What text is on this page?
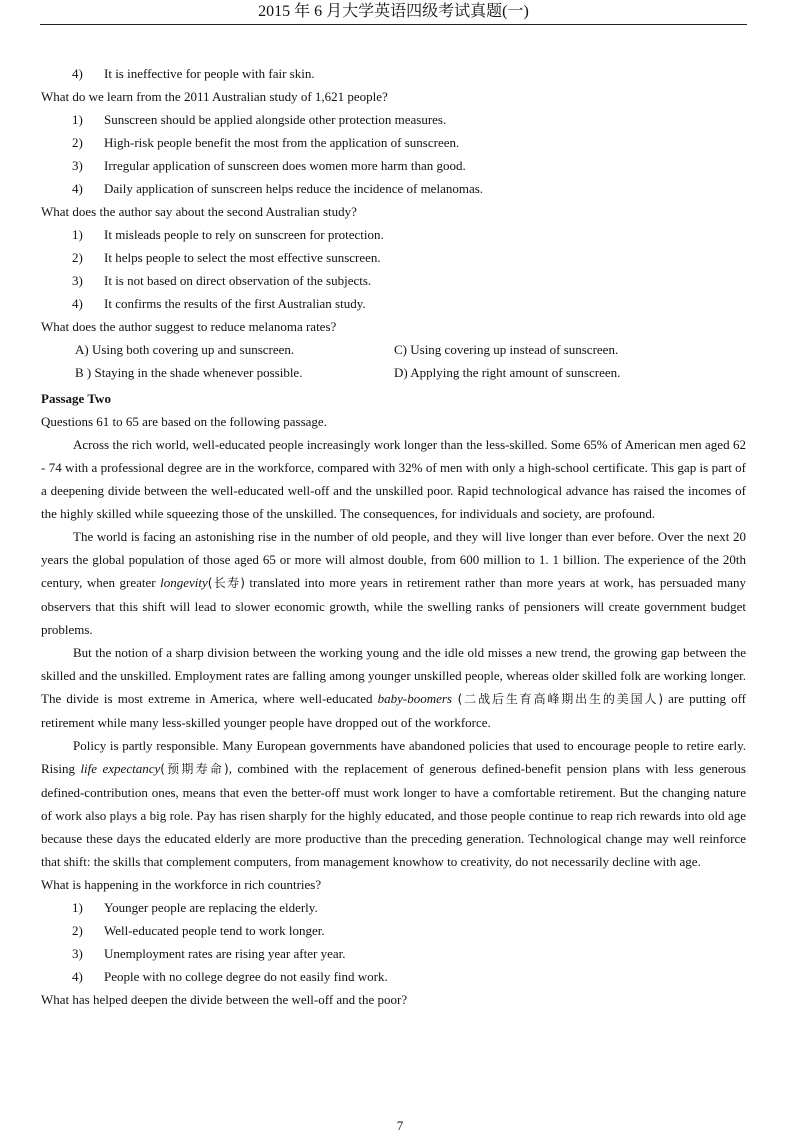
2015 年 6 月大学英语四级考试真题(一)
4)	It is ineffective for people with fair skin.
What do we learn from the 2011 Australian study of 1,621 people?
1)	Sunscreen should be applied alongside other protection measures.
2)	High-risk people benefit the most from the application of sunscreen.
3)	Irregular application of sunscreen does women more harm than good.
4)	Daily application of sunscreen helps reduce the incidence of melanomas.
What does the author say about the second Australian study?
1)	It misleads people to rely on sunscreen for protection.
2)	It helps people to select the most effective sunscreen.
3)	It is not based on direct observation of the subjects.
4)	It confirms the results of the first Australian study.
What does the author suggest to reduce melanoma rates?
A) Using both covering up and sunscreen.	C) Using covering up instead of sunscreen.
B ) Staying in the shade whenever possible.	D) Applying the right amount of sunscreen.
Passage Two
Questions 61 to 65 are based on the following passage.
Across the rich world, well-educated people increasingly work longer than the less-skilled. Some 65% of American men aged 62 - 74 with a professional degree are in the workforce, compared with 32% of men with only a high-school certificate. This gap is part of a deepening divide between the well-educated well-off and the unskilled poor. Rapid technological advance has raised the incomes of the highly skilled while squeezing those of the unskilled. The consequences, for individuals and society, are profound.
The world is facing an astonishing rise in the number of old people, and they will live longer than ever before. Over the next 20 years the global population of those aged 65 or more will almost double, from 600 million to 1. 1 billion. The experience of the 20th century, when greater longevity(长寿) translated into more years in retirement rather than more years at work, has persuaded many observers that this shift will lead to slower economic growth, while the swelling ranks of pensioners will create government budget problems.
But the notion of a sharp division between the working young and the idle old misses a new trend, the growing gap between the skilled and the unskilled. Employment rates are falling among younger unskilled people, whereas older skilled folk are working longer. The divide is most extreme in America, where well-educated baby-boomers (二战后生育高峰期出生的美国人) are putting off retirement while many less-skilled younger people have dropped out of the workforce.
Policy is partly responsible. Many European governments have abandoned policies that used to encourage people to retire early. Rising life expectancy(预期寿命), combined with the replacement of generous defined-benefit pension plans with less generous defined-contribution ones, means that even the better-off must work longer to have a comfortable retirement. But the changing nature of work also plays a big role. Pay has risen sharply for the highly educated, and those people continue to reap rich rewards into old age because these days the educated elderly are more productive than the preceding generation. Technological change may well reinforce that shift: the skills that complement computers, from management knowhow to creativity, do not necessarily decline with age.
What is happening in the workforce in rich countries?
1)	Younger people are replacing the elderly.
2)	Well-educated people tend to work longer.
3)	Unemployment rates are rising year after year.
4)	People with no college degree do not easily find work.
What has helped deepen the divide between the well-off and the poor?
7
